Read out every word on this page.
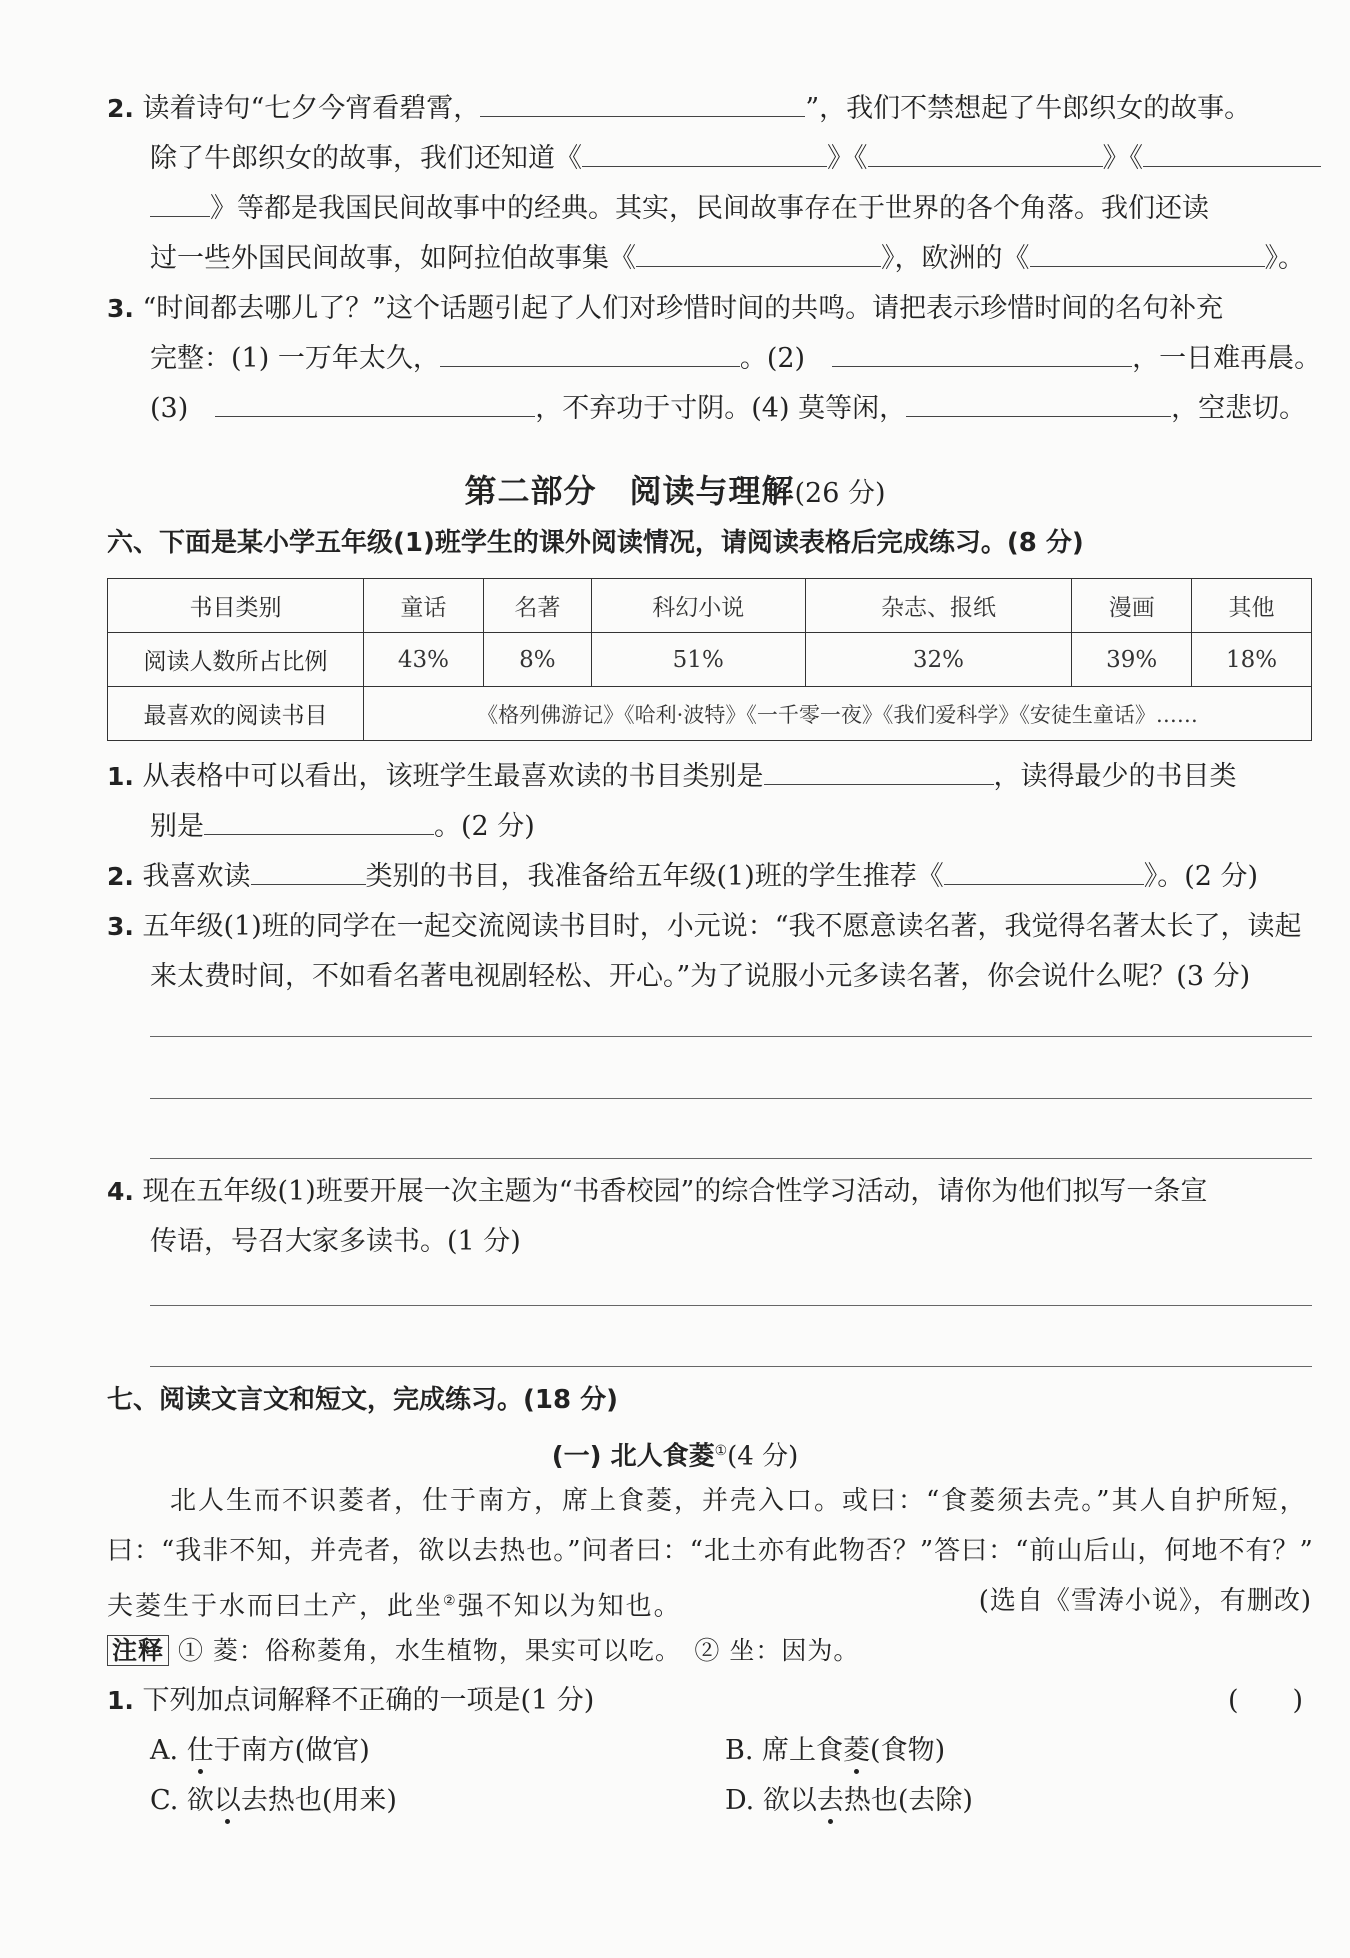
2. 读着诗句“七夕今宵看碧霄，	”，我们不禁想起了牛郎织女的故事。
除了牛郎织女的故事，我们还知道《	》《	》《
》等都是我国民间故事中的经典。其实，民间故事存在于世界的各个角落。我们还读
过一些外国民间故事，如阿拉伯故事集《	》，欧洲的《	》。
3. “时间都去哪儿了？”这个话题引起了人们对珍惜时间的共鸣。请把表示珍惜时间的名句补充
完整：(1) 一万年太久，	。(2)　	，一日难再晨。
(3)　	，不弃功于寸阴。(4) 莫等闲，	，空悲切。
第二部分　阅读与理解(26 分)
六、下面是某小学五年级(1)班学生的课外阅读情况，请阅读表格后完成练习。(8 分)
书目类别	童话	名著	科幻小说	杂志、报纸	漫画	其他
阅读人数所占比例	43%	8%	51%	32%	39%	18%
最喜欢的阅读书目	《格列佛游记》《哈利·波特》《一千零一夜》《我们爱科学》《安徒生童话》……					
1. 从表格中可以看出，该班学生最喜欢读的书目类别是	，读得最少的书目类
别是	。(2 分)
2. 我喜欢读	类别的书目，我准备给五年级(1)班的学生推荐《	》。(2 分)
3. 五年级(1)班的同学在一起交流阅读书目时，小元说：“我不愿意读名著，我觉得名著太长了，读起
来太费时间，不如看名著电视剧轻松、开心。”为了说服小元多读名著，你会说什么呢？(3 分)
4. 现在五年级(1)班要开展一次主题为“书香校园”的综合性学习活动，请你为他们拟写一条宣
传语，号召大家多读书。(1 分)
七、阅读文言文和短文，完成练习。(18 分)
(一) 北人食菱①(4 分)
北人生而不识菱者，仕于南方，席上食菱，并壳入口。或曰：“食菱须去壳。”其人自护所短，
曰：“我非不知，并壳者，欲以去热也。”问者曰：“北土亦有此物否？”答曰：“前山后山，何地不有？”
夫菱生于水而曰土产，此坐②强不知以为知也。	(选自《雪涛小说》，有删改)
注释 ① 菱：俗称菱角，水生植物，果实可以吃。　② 坐：因为。
1. 下列加点词解释不正确的一项是(1 分)	(　　)
A. 仕于南方(做官)	B. 席上食菱(食物)
C. 欲以去热也(用来)	D. 欲以去热也(去除)
